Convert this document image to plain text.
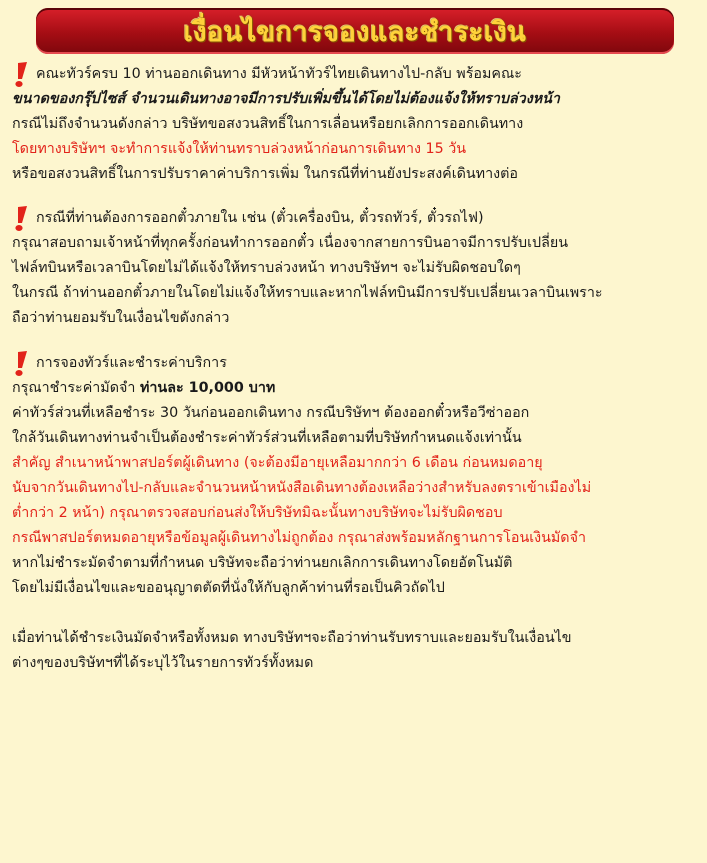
เงื่อนไขการจองและชำระเงิน
คณะทัวร์ครบ 10 ท่านออกเดินทาง มีหัวหน้าทัวร์ไทยเดินทางไป-กลับ พร้อมคณะ
ขนาดของกรุ๊ปไซส์ จำนวนเดินทางอาจมีการปรับเพิ่มขึ้นได้โดยไม่ต้องแจ้งให้ทราบล่วงหน้า
กรณีไม่ถึงจำนวนดังกล่าว บริษัทขอสงวนสิทธิ์ในการเลื่อนหรือยกเลิกการออกเดินทาง
โดยทางบริษัทฯ จะทำการแจ้งให้ท่านทราบล่วงหน้าก่อนการเดินทาง 15 วัน
หรือขอสงวนสิทธิ์ในการปรับราคาค่าบริการเพิ่ม ในกรณีที่ท่านยังประสงค์เดินทางต่อ
กรณีที่ท่านต้องการออกตั๋วภายใน เช่น (ตั๋วเครื่องบิน, ตั๋วรถทัวร์, ตั๋วรถไฟ)
กรุณาสอบถามเจ้าหน้าที่ทุกครั้งก่อนทำการออกตั๋ว เนื่องจากสายการบินอาจมีการปรับเปลี่ยน
ไฟล์ทบินหรือเวลาบินโดยไม่ได้แจ้งให้ทราบล่วงหน้า ทางบริษัทฯ จะไม่รับผิดชอบใดๆ
ในกรณี ถ้าท่านออกตั๋วภายในโดยไม่แจ้งให้ทราบและหากไฟล์ทบินมีการปรับเปลี่ยนเวลาบินเพราะ
ถือว่าท่านยอมรับในเงื่อนไขดังกล่าว
การจองทัวร์และชำระค่าบริการ
กรุณาชำระค่ามัดจำ ท่านละ 10,000 บาท
ค่าทัวร์ส่วนที่เหลือชำระ 30 วันก่อนออกเดินทาง กรณีบริษัทฯ ต้องออกตั๋วหรือวีซ่าออก
ใกล้วันเดินทางท่านจำเป็นต้องชำระค่าทัวร์ส่วนที่เหลือตามที่บริษัทกำหนดแจ้งเท่านั้น
สำคัญ สำเนาหน้าพาสปอร์ตผู้เดินทาง (จะต้องมีอายุเหลือมากกว่า 6 เดือน ก่อนหมดอายุ
นับจากวันเดินทางไป-กลับและจำนวนหน้าหนังสือเดินทางต้องเหลือว่างสำหรับลงตราเข้าเมืองไม่
ต่ำกว่า 2 หน้า) กรุณาตรวจสอบก่อนส่งให้บริษัทมิฉะนั้นทางบริษัทจะไม่รับผิดชอบ
กรณีพาสปอร์ตหมดอายุหรือข้อมูลผู้เดินทางไม่ถูกต้อง กรุณาส่งพร้อมหลักฐานการโอนเงินมัดจำ
หากไม่ชำระมัดจำตามที่กำหนด บริษัทจะถือว่าท่านยกเลิกการเดินทางโดยอัตโนมัติ
โดยไม่มีเงื่อนไขและขออนุญาตตัดที่นั่งให้กับลูกค้าท่านที่รอเป็นคิวถัดไป
เมื่อท่านได้ชำระเงินมัดจำหรือทั้งหมด ทางบริษัทฯจะถือว่าท่านรับทราบและยอมรับในเงื่อนไข
ต่างๆของบริษัทฯที่ได้ระบุไว้ในรายการทัวร์ทั้งหมด
